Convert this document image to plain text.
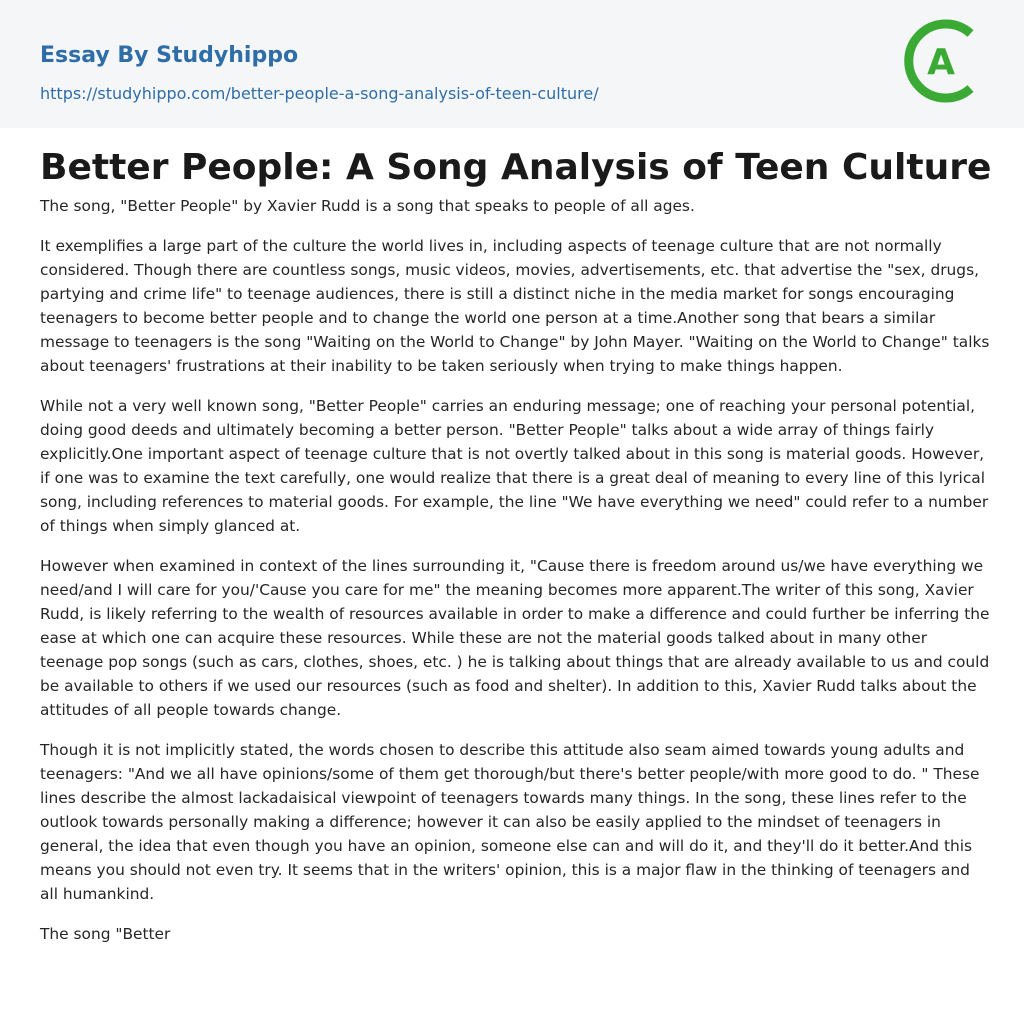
Essay By Studyhippo
https://studyhippo.com/better-people-a-song-analysis-of-teen-culture/
A
Better People: A Song Analysis of Teen Culture

The song, "Better People" by Xavier Rudd is a song that speaks to people of all ages.

It exemplifies a large part of the culture the world lives in, including aspects of teenage culture that are not normally considered. Though there are countless songs, music videos, movies, advertisements, etc. that advertise the "sex, drugs, partying and crime life" to teenage audiences, there is still a distinct niche in the media market for songs encouraging teenagers to become better people and to change the world one person at a time.Another song that bears a similar message to teenagers is the song "Waiting on the World to Change" by John Mayer. "Waiting on the World to Change" talks about teenagers' frustrations at their inability to be taken seriously when trying to make things happen.

While not a very well known song, "Better People" carries an enduring message; one of reaching your personal potential, doing good deeds and ultimately becoming a better person. "Better People" talks about a wide array of things fairly explicitly.One important aspect of teenage culture that is not overtly talked about in this song is material goods. However, if one was to examine the text carefully, one would realize that there is a great deal of meaning to every line of this lyrical song, including references to material goods. For example, the line "We have everything we need" could refer to a number of things when simply glanced at.

However when examined in context of the lines surrounding it, "Cause there is freedom around us/we have everything we need/and I will care for you/'Cause you care for me" the meaning becomes more apparent.The writer of this song, Xavier Rudd, is likely referring to the wealth of resources available in order to make a difference and could further be inferring the ease at which one can acquire these resources. While these are not the material goods talked about in many other teenage pop songs (such as cars, clothes, shoes, etc. ) he is talking about things that are already available to us and could be available to others if we used our resources (such as food and shelter). In addition to this, Xavier Rudd talks about the attitudes of all people towards change.

Though it is not implicitly stated, the words chosen to describe this attitude also seam aimed towards young adults and teenagers: "And we all have opinions/some of them get thorough/but there's better people/with more good to do. " These lines describe the almost lackadaisical viewpoint of teenagers towards many things. In the song, these lines refer to the outlook towards personally making a difference; however it can also be easily applied to the mindset of teenagers in general, the idea that even though you have an opinion, someone else can and will do it, and they'll do it better.And this means you should not even try. It seems that in the writers' opinion, this is a major flaw in the thinking of teenagers and all humankind.

The song "Better
